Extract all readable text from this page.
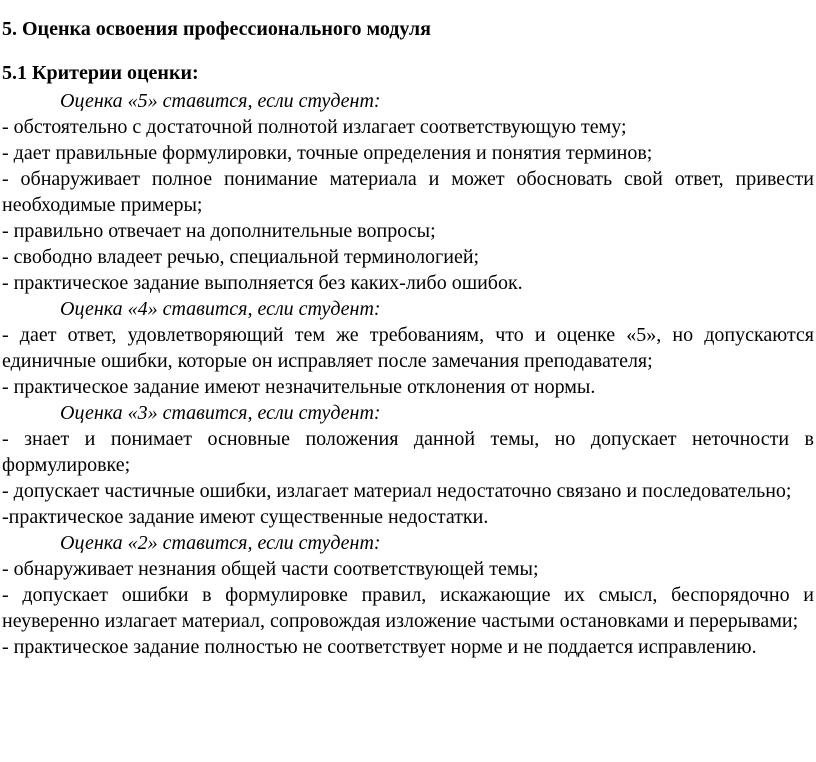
5. Оценка освоения профессионального модуля
5.1 Критерии оценки:

Оценка «5» ставится, если студент:

- обстоятельно с достаточной полнотой излагает соответствующую тему;

- дает правильные формулировки, точные определения и понятия терминов;

- обнаруживает полное понимание материала и может обосновать свой ответ, привести необходимые примеры;

- правильно отвечает на дополнительные вопросы;

- свободно владеет речью, специальной терминологией;

- практическое задание выполняется без каких-либо ошибок.

Оценка «4» ставится, если студент:

- дает ответ, удовлетворяющий тем же требованиям, что и оценке «5», но допускаются единичные ошибки, которые он исправляет после замечания преподавателя;

- практическое задание имеют незначительные отклонения от нормы.

Оценка «3» ставится, если студент:

- знает и понимает основные положения данной темы, но допускает неточности в формулировке;

- допускает частичные ошибки, излагает материал недостаточно связано и последовательно;

-практическое задание имеют существенные недостатки.

Оценка «2» ставится, если студент:

- обнаруживает незнания общей части соответствующей темы;

- допускает ошибки в формулировке правил, искажающие их смысл, беспорядочно и неуверенно излагает материал, сопровождая изложение частыми остановками и перерывами;

- практическое задание полностью не соответствует норме и не поддается исправлению.
